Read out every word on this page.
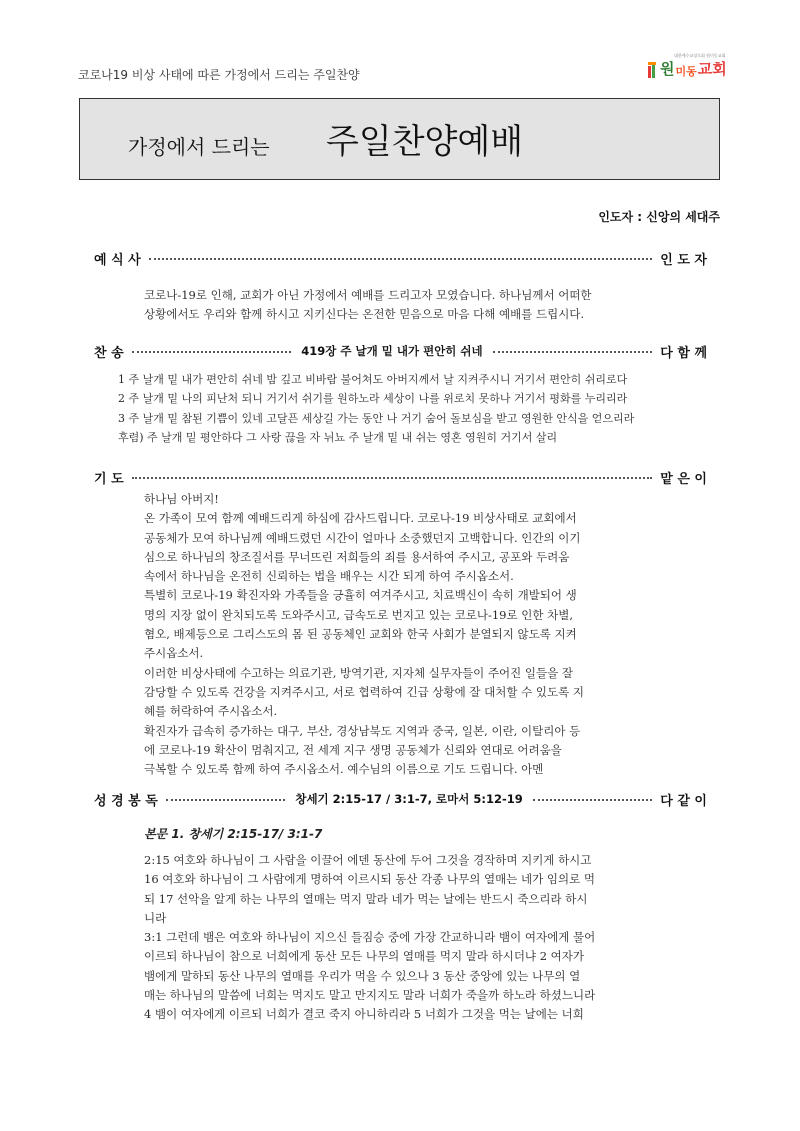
코로나19 비상 사태에 따른 가정에서 드리는 주일찬양
대한예수교장로회 원미동교회
원 미동 교회
가정에서 드리는 주일찬양예배
인도자 : 신앙의 세대주
예 식 사	인 도 자
코로나-19로 인해, 교회가 아닌 가정에서 예배를 드리고자 모였습니다. 하나님께서 어떠한
상황에서도 우리와 함께 하시고 지키신다는 온전한 믿음으로 마음 다해 예배를 드립시다.
찬 송	419장 주 날개 밑 내가 편안히 쉬네	다 함 께
1 주 날개 밑 내가 편안히 쉬네 밤 깊고 비바람 불어쳐도 아버지께서 날 지켜주시니 거기서 편안히 쉬리로다
2 주 날개 밑 나의 피난처 되니 거기서 쉬기를 원하노라 세상이 나를 위로치 못하나 거기서 평화를 누리리라
3 주 날개 밑 참된 기쁨이 있네 고달픈 세상길 가는 동안 나 거기 숨어 돌보심을 받고 영원한 안식을 얻으리라
후렴) 주 날개 밑 평안하다 그 사랑 끊을 자 뉘뇨 주 날개 밑 내 쉬는 영혼 영원히 거기서 살리
기 도	맡 은 이
하나님 아버지!
온 가족이 모여 함께 예배드리게 하심에 감사드립니다. 코로나-19 비상사태로 교회에서
공동체가 모여 하나님께 예배드렸던 시간이 얼마나 소중했던지 고백합니다. 인간의 이기
심으로 하나님의 창조질서를 무너뜨린 저희들의 죄를 용서하여 주시고, 공포와 두려움
속에서 하나님을 온전히 신뢰하는 법을 배우는 시간 되게 하여 주시옵소서.
특별히 코로나-19 확진자와 가족들을 긍휼히 여겨주시고, 치료백신이 속히 개발되어 생
명의 지장 없이 완치되도록 도와주시고, 급속도로 번지고 있는 코로나-19로 인한 차별,
혐오, 배제등으로 그리스도의 몸 된 공동체인 교회와 한국 사회가 분열되지 않도록 지켜
주시옵소서.
이러한 비상사태에 수고하는 의료기관, 방역기관, 지자체 실무자들이 주어진 일들을 잘
감당할 수 있도록 건강을 지켜주시고, 서로 협력하여 긴급 상황에 잘 대처할 수 있도록 지
혜를 허락하여 주시옵소서.
확진자가 급속히 증가하는 대구, 부산, 경상남북도 지역과 중국, 일본, 이란, 이탈리아 등
에 코로나-19 확산이 멈춰지고, 전 세계 지구 생명 공동체가 신뢰와 연대로 어려움을
극복할 수 있도록 함께 하여 주시옵소서. 예수님의 이름으로 기도 드립니다. 아멘
성 경 봉 독	창세기 2:15-17 / 3:1-7, 로마서 5:12-19	다 같 이
본문 1. 창세기 2:15-17/ 3:1-7
2:15 여호와 하나님이 그 사람을 이끌어 에덴 동산에 두어 그것을 경작하며 지키게 하시고
16 여호와 하나님이 그 사람에게 명하여 이르시되 동산 각종 나무의 열매는 네가 임의로 먹
되 17 선악을 알게 하는 나무의 열매는 먹지 말라 네가 먹는 날에는 반드시 죽으리라 하시
니라
3:1 그런데 뱀은 여호와 하나님이 지으신 들짐승 중에 가장 간교하니라 뱀이 여자에게 물어
이르되 하나님이 참으로 너희에게 동산 모든 나무의 열매를 먹지 말라 하시더냐 2 여자가
뱀에게 말하되 동산 나무의 열매를 우리가 먹을 수 있으나 3 동산 중앙에 있는 나무의 열
매는 하나님의 말씀에 너희는 먹지도 말고 만지지도 말라 너희가 죽을까 하노라 하셨느니라
4 뱀이 여자에게 이르되 너희가 결코 죽지 아니하리라 5 너희가 그것을 먹는 날에는 너희
